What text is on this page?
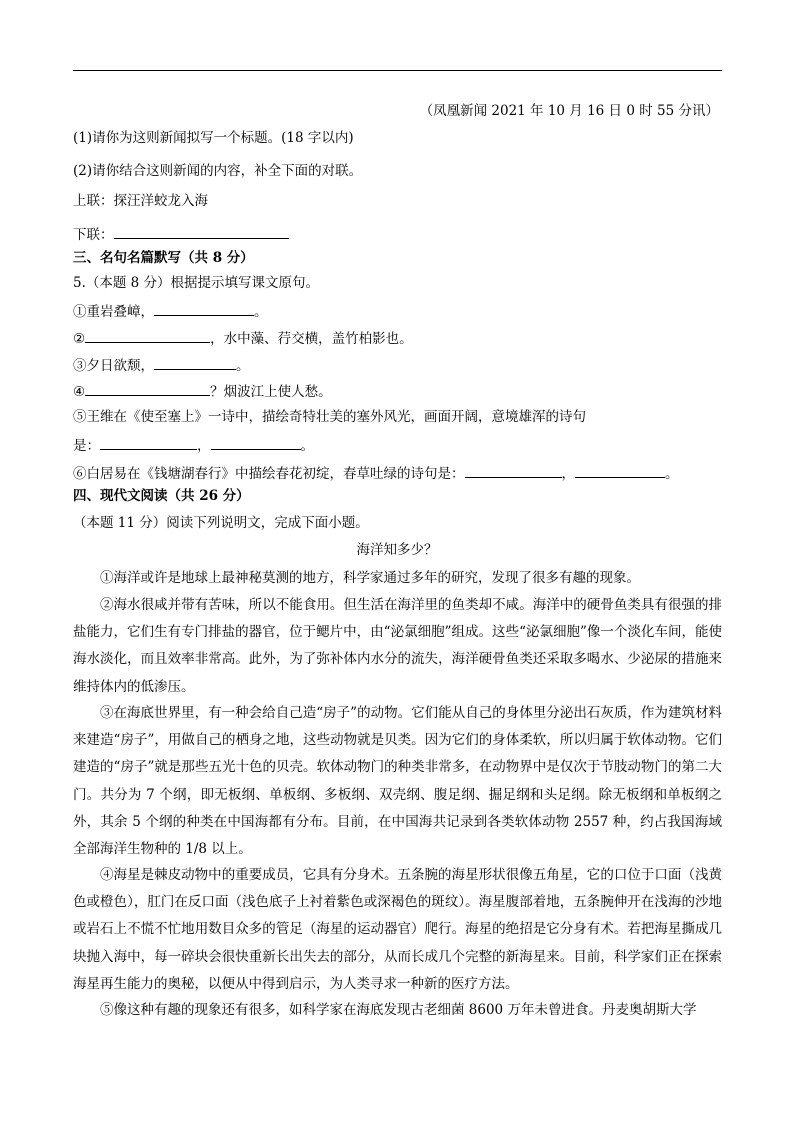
（凤凰新闻 2021 年 10 月 16 日 0 时 55 分讯）
(1)请你为这则新闻拟写一个标题。(18 字以内)
(2)请你结合这则新闻的内容，补全下面的对联。
上联：探汪洋蛟龙入海
下联：
三、名句名篇默写（共 8 分）
5.（本题 8 分）根据提示填写课文原句。
①重岩叠嶂，	。
②	，水中藻、荇交横，盖竹柏影也。
③夕日欲颓，	。
④	？烟波江上使人愁。
⑤王维在《使至塞上》一诗中，描绘奇特壮美的塞外风光，画面开阔，意境雄浑的诗句
是：	，	。
⑥白居易在《钱塘湖春行》中描绘春花初绽，春草吐绿的诗句是：	，	。
四、现代文阅读（共 26 分）
（本题 11 分）阅读下列说明文，完成下面小题。
海洋知多少？
①海洋或许是地球上最神秘莫测的地方，科学家通过多年的研究，发现了很多有趣的现象。
②海水很咸并带有苦味，所以不能食用。但生活在海洋里的鱼类却不咸。海洋中的硬骨鱼类具有很强的排盐能力，它们生有专门排盐的器官，位于鳃片中，由“泌氯细胞”组成。这些“泌氯细胞”像一个淡化车间，能使海水淡化，而且效率非常高。此外，为了弥补体内水分的流失，海洋硬骨鱼类还采取多喝水、少泌尿的措施来维持体内的低渗压。
③在海底世界里，有一种会给自己造“房子”的动物。它们能从自己的身体里分泌出石灰质，作为建筑材料来建造“房子”，用做自己的栖身之地，这些动物就是贝类。因为它们的身体柔软，所以归属于软体动物。它们建造的“房子”就是那些五光十色的贝壳。软体动物门的种类非常多，在动物界中是仅次于节肢动物门的第二大门。共分为 7 个纲，即无板纲、单板纲、多板纲、双壳纲、腹足纲、掘足纲和头足纲。除无板纲和单板纲之外，其余 5 个纲的种类在中国海都有分布。目前，在中国海共记录到各类软体动物 2557 种，约占我国海域全部海洋生物种的 1/8 以上。
④海星是棘皮动物中的重要成员，它具有分身术。五条腕的海星形状很像五角星，它的口位于口面（浅黄色或橙色），肛门在反口面（浅色底子上衬着紫色或深褐色的斑纹）。海星腹部着地，五条腕伸开在浅海的沙地或岩石上不慌不忙地用数目众多的管足（海星的运动器官）爬行。海星的绝招是它分身有术。若把海星撕成几块抛入海中，每一碎块会很快重新长出失去的部分，从而长成几个完整的新海星来。目前，科学家们正在探索海星再生能力的奥秘，以便从中得到启示，为人类寻求一种新的医疗方法。
⑤像这种有趣的现象还有很多，如科学家在海底发现古老细菌 8600 万年未曾进食。丹麦奥胡斯大学
